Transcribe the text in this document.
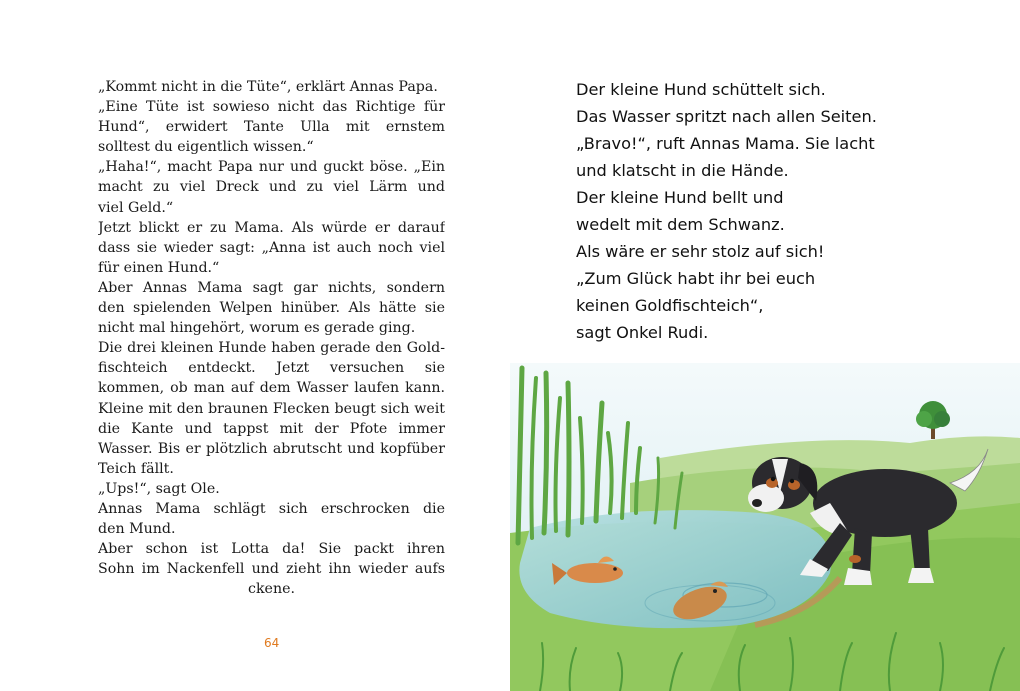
„Kommt nicht in die Tüte“, erklärt Annas Papa.
„Eine Tüte ist sowieso nicht das Richtige für
Hund“, erwidert Tante Ulla mit ernstem
solltest du eigentlich wissen.“
„Haha!“, macht Papa nur und guckt böse. „Ein
macht zu viel Dreck und zu viel Lärm und
viel Geld.“
Jetzt blickt er zu Mama. Als würde er darauf
dass sie wieder sagt: „Anna ist auch noch viel
für einen Hund.“
Aber Annas Mama sagt gar nichts, sondern
den spielenden Welpen hinüber. Als hätte sie
nicht mal hingehört, worum es gerade ging.
Die drei kleinen Hunde haben gerade den Gold-
fischteich entdeckt. Jetzt versuchen sie
kommen, ob man auf dem Wasser laufen kann.
Kleine mit den braunen Flecken beugt sich weit
die Kante und tappst mit der Pfote immer
Wasser. Bis er plötzlich abrutscht und kopfüber
Teich fällt.
„Ups!“, sagt Ole.
Annas Mama schlägt sich erschrocken die
den Mund.
Aber schon ist Lotta da! Sie packt ihren
Sohn im Nackenfell und zieht ihn wieder aufs
ckene.
64
Der kleine Hund schüttelt sich.
Das Wasser spritzt nach allen Seiten.
„Bravo!“, ruft Annas Mama. Sie lacht
und klatscht in die Hände.
Der kleine Hund bellt und
wedelt mit dem Schwanz.
Als wäre er sehr stolz auf sich!
„Zum Glück habt ihr bei euch
keinen Goldfischteich“,
sagt Onkel Rudi.
